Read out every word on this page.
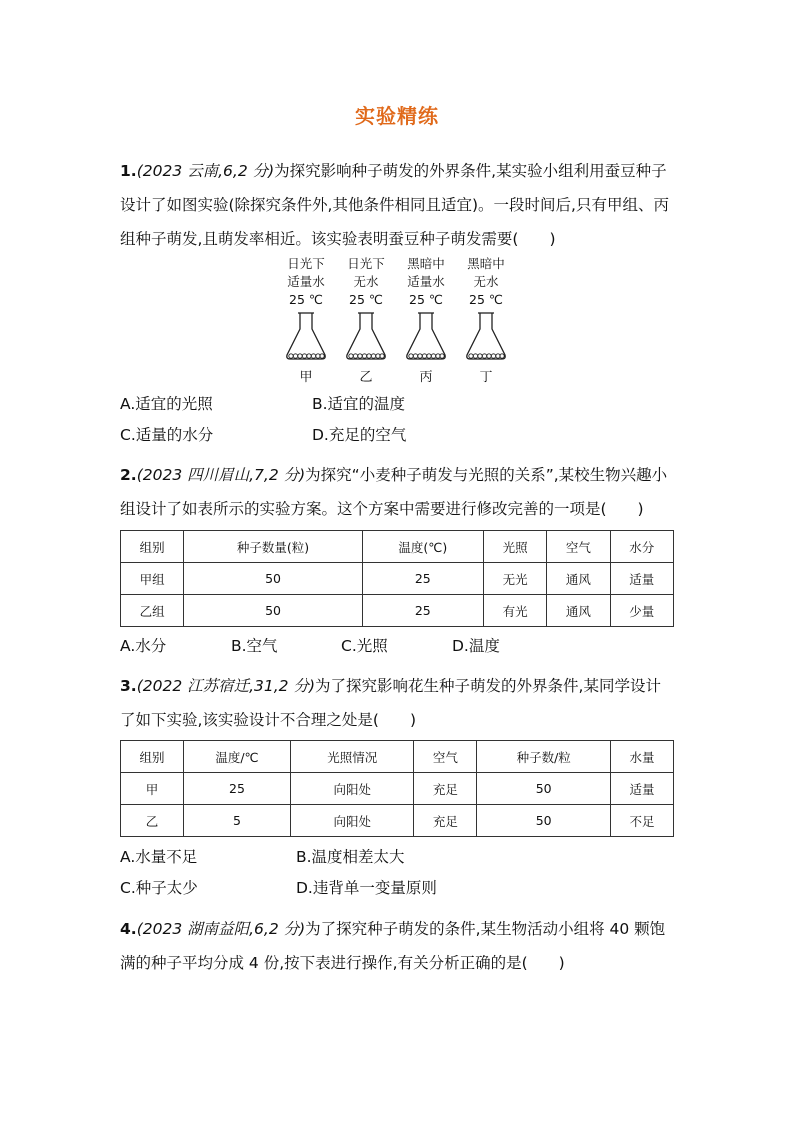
实验精练
1.(2023 云南,6,2 分)为探究影响种子萌发的外界条件,某实验小组利用蚕豆种子设计了如图实验(除探究条件外,其他条件相同且适宜)。一段时间后,只有甲组、丙组种子萌发,且萌发率相近。该实验表明蚕豆种子萌发需要(　　)
日光下
适量水
25 ℃
甲
日光下
无水
25 ℃
乙
黑暗中
适量水
25 ℃
丙
黑暗中
无水
25 ℃
丁
A.适宜的光照	B.适宜的温度
C.适量的水分	D.充足的空气
2.(2023 四川眉山,7,2 分)为探究“小麦种子萌发与光照的关系”,某校生物兴趣小组设计了如表所示的实验方案。这个方案中需要进行修改完善的一项是(　　)
组别	种子数量(粒)	温度(℃)	光照	空气	水分
甲组	50	25	无光	通风	适量
乙组	50	25	有光	通风	少量
A.水分	B.空气	C.光照	D.温度
3.(2022 江苏宿迁,31,2 分)为了探究影响花生种子萌发的外界条件,某同学设计了如下实验,该实验设计不合理之处是(　　)
组别	温度/℃	光照情况	空气	种子数/粒	水量
甲	25	向阳处	充足	50	适量
乙	5	向阳处	充足	50	不足
A.水量不足	B.温度相差太大
C.种子太少	D.违背单一变量原则
4.(2023 湖南益阳,6,2 分)为了探究种子萌发的条件,某生物活动小组将 40 颗饱满的种子平均分成 4 份,按下表进行操作,有关分析正确的是(　　)
